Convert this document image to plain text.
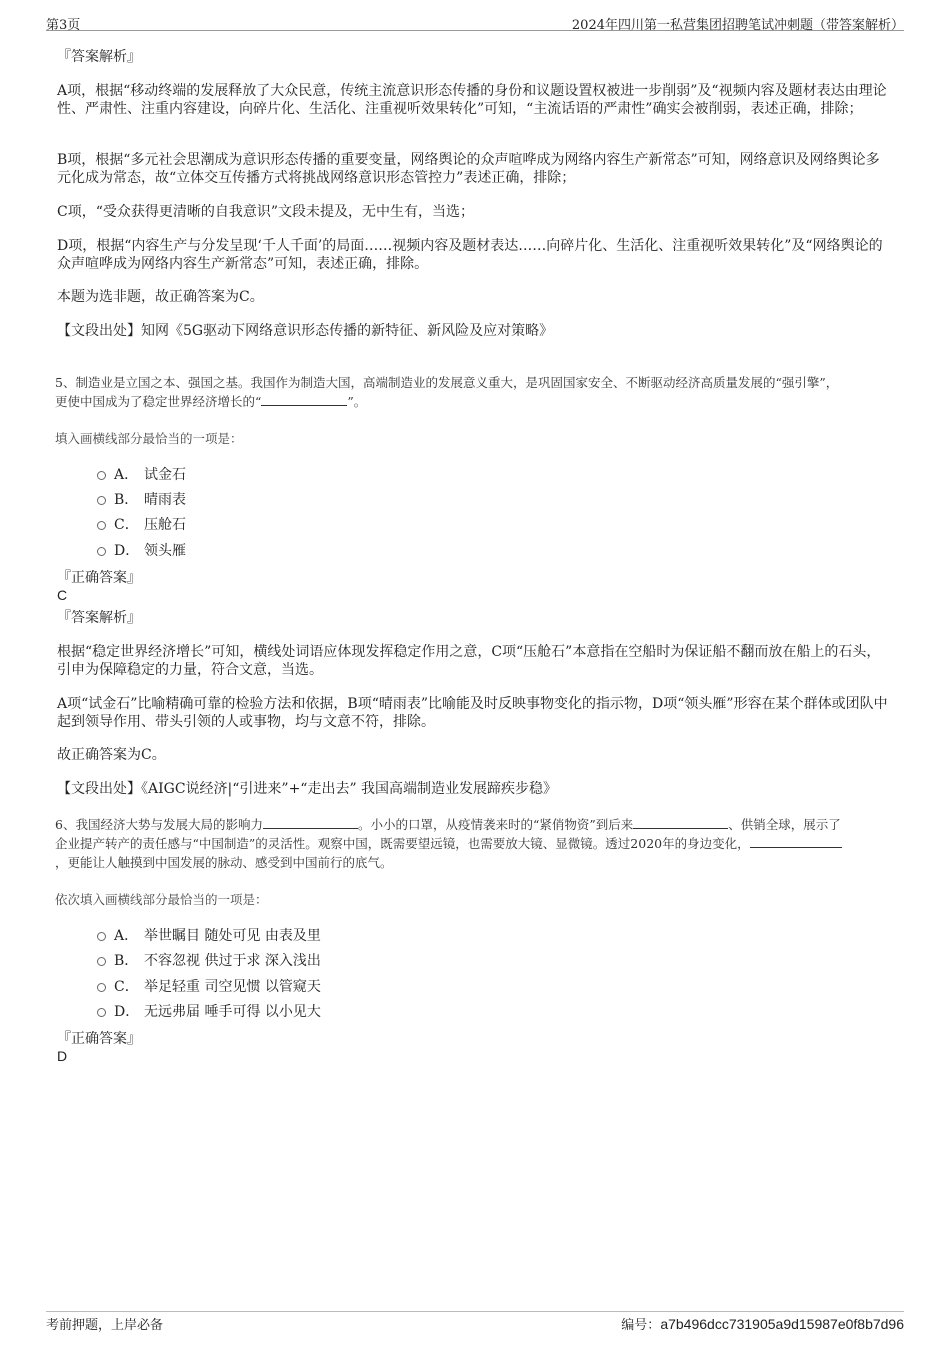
第3页	2024年四川第一私营集团招聘笔试冲刺题（带答案解析）
『答案解析』
A项，根据“移动终端的发展释放了大众民意，传统主流意识形态传播的身份和议题设置权被进一步削弱”及“视频内容及题材表达由理论性、严肃性、注重内容建设，向碎片化、生活化、注重视听效果转化”可知，“主流话语的严肃性”确实会被削弱，表述正确，排除；
B项，根据“多元社会思潮成为意识形态传播的重要变量，网络舆论的众声喧哗成为网络内容生产新常态”可知，网络意识及网络舆论多元化成为常态，故“立体交互传播方式将挑战网络意识形态管控力”表述正确，排除；
C项，“受众获得更清晰的自我意识”文段未提及，无中生有，当选；
D项，根据“内容生产与分发呈现‘千人千面’的局面……视频内容及题材表达……向碎片化、生活化、注重视听效果转化”及“网络舆论的众声喧哗成为网络内容生产新常态”可知，表述正确，排除。
本题为选非题，故正确答案为C。
【文段出处】知网《5G驱动下网络意识形态传播的新特征、新风险及应对策略》
5、制造业是立国之本、强国之基。我国作为制造大国，高端制造业的发展意义重大，是巩固国家安全、不断驱动经济高质量发展的“强引擎”，
更使中国成为了稳定世界经济增长的“	”。
填入画横线部分最恰当的一项是：
A． 试金石
B． 晴雨表
C． 压舱石
D． 领头雁
『正确答案』
C
『答案解析』
根据“稳定世界经济增长”可知，横线处词语应体现发挥稳定作用之意，C项“压舱石”本意指在空船时为保证船不翻而放在船上的石头，引申为保障稳定的力量，符合文意，当选。
A项“试金石”比喻精确可靠的检验方法和依据，B项“晴雨表”比喻能及时反映事物变化的指示物，D项“领头雁”形容在某个群体或团队中起到领导作用、带头引领的人或事物，均与文意不符，排除。
故正确答案为C。
【文段出处】《AIGC说经济|“引进来”+“走出去” 我国高端制造业发展蹄疾步稳》
6、我国经济大势与发展大局的影响力	。小小的口罩，从疫情袭来时的“紧俏物资”到后来	、供销全球，展示了
企业提产转产的责任感与“中国制造”的灵活性。观察中国，既需要望远镜，也需要放大镜、显微镜。透过2020年的身边变化，
，更能让人触摸到中国发展的脉动、感受到中国前行的底气。
依次填入画横线部分最恰当的一项是：
A． 举世瞩目 随处可见 由表及里
B． 不容忽视 供过于求 深入浅出
C． 举足轻重 司空见惯 以管窥天
D． 无远弗届 唾手可得 以小见大
『正确答案』
D
考前押题，上岸必备	编号：a7b496dcc731905a9d15987e0f8b7d96
